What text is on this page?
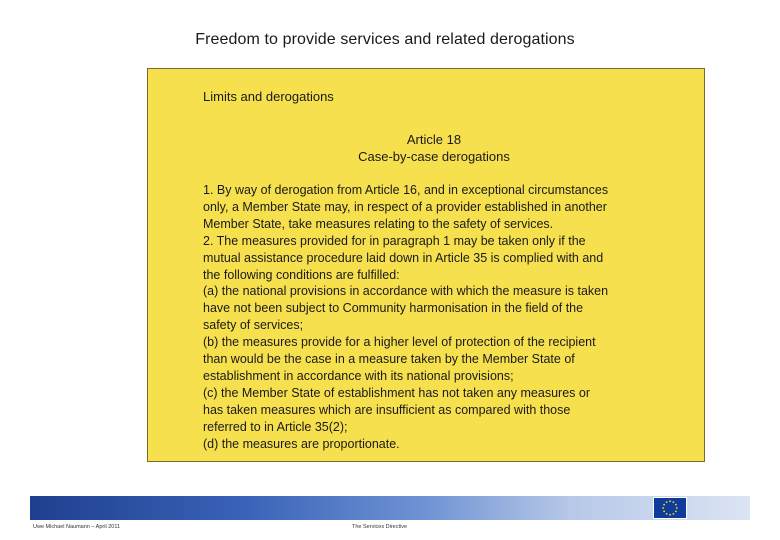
Freedom to provide services and related derogations
Limits and derogations
Article 18
Case-by-case derogations
1. By way of derogation from Article 16, and in exceptional circumstances
only, a Member State may, in respect of a provider established in another
Member State, take measures relating to the safety of services.
2. The measures provided for in paragraph 1 may be taken only if the
mutual assistance procedure laid down in Article 35 is complied with and
the following conditions are fulfilled:
(a) the national provisions in accordance with which the measure is taken
have not been subject to Community harmonisation in the field of the
safety of services;
(b) the measures provide for a higher level of protection of the recipient
than would be the case in a measure taken by the Member State of
establishment in accordance with its national provisions;
(c) the Member State of establishment has not taken any measures or
has taken measures which are insufficient as compared with those
referred to in Article 35(2);
(d) the measures are proportionate.
Uwe Michael Naumann – April 2011	The Services Directive
